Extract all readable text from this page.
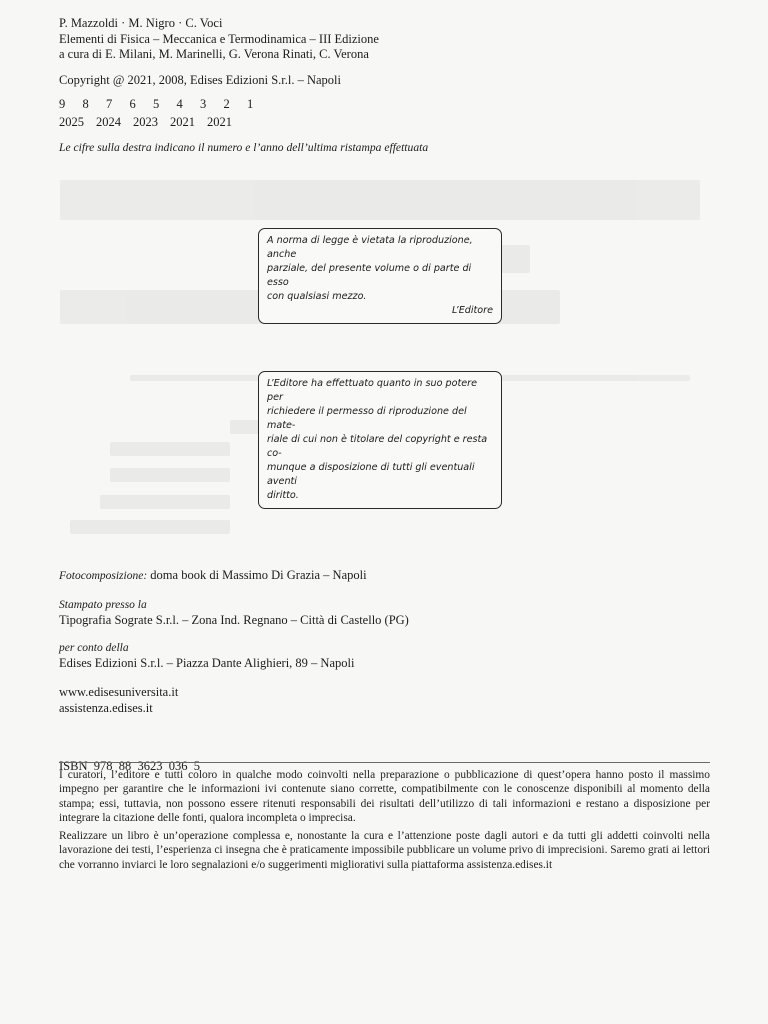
P. Mazzoldi · M. Nigro · C. Voci
Elementi di Fisica – Meccanica e Termodinamica – III Edizione
a cura di E. Milani, M. Marinelli, G. Verona Rinati, C. Verona
Copyright @ 2021, 2008, Edises Edizioni S.r.l. – Napoli
9	8	7	6	5	4	3	2	1
2025 2024 2023 2021 2021
Le cifre sulla destra indicano il numero e l’anno dell’ultima ristampa effettuata
A norma di legge è vietata la riproduzione, anche
parziale, del presente volume o di parte di esso
con qualsiasi mezzo.
L’Editore
L’Editore ha effettuato quanto in suo potere per
richiedere il permesso di riproduzione del mate-
riale di cui non è titolare del copyright e resta co-
munque a disposizione di tutti gli eventuali aventi
diritto.
Fotocomposizione: doma book di Massimo Di Grazia – Napoli
Stampato presso la
Tipografia Sograte S.r.l. – Zona Ind. Regnano – Città di Castello (PG)
per conto della
Edises Edizioni S.r.l. – Piazza Dante Alighieri, 89 – Napoli
www.edisesuniversita.it
assistenza.edises.it

ISBN  978  88  3623  036  5

I curatori, l’editore e tutti coloro in qualche modo coinvolti nella preparazione o pubblicazione di quest’opera hanno posto il massimo impegno per garantire che le informazioni ivi contenute siano corrette, compatibilmente con le conoscenze disponibili al momento della stampa; essi, tuttavia, non possono essere ritenuti responsabili dei risultati dell’utilizzo di tali informazioni e restano a disposizione per integrare la citazione delle fonti, qualora incompleta o imprecisa.
Realizzare un libro è un’operazione complessa e, nonostante la cura e l’attenzione poste dagli autori e da tutti gli addetti coinvolti nella lavorazione dei testi, l’esperienza ci insegna che è praticamente impossibile pubblicare un volume privo di imprecisioni. Saremo grati ai lettori che vorranno inviarci le loro segnalazioni e/o suggerimenti migliorativi sulla piattaforma assistenza.edises.it
